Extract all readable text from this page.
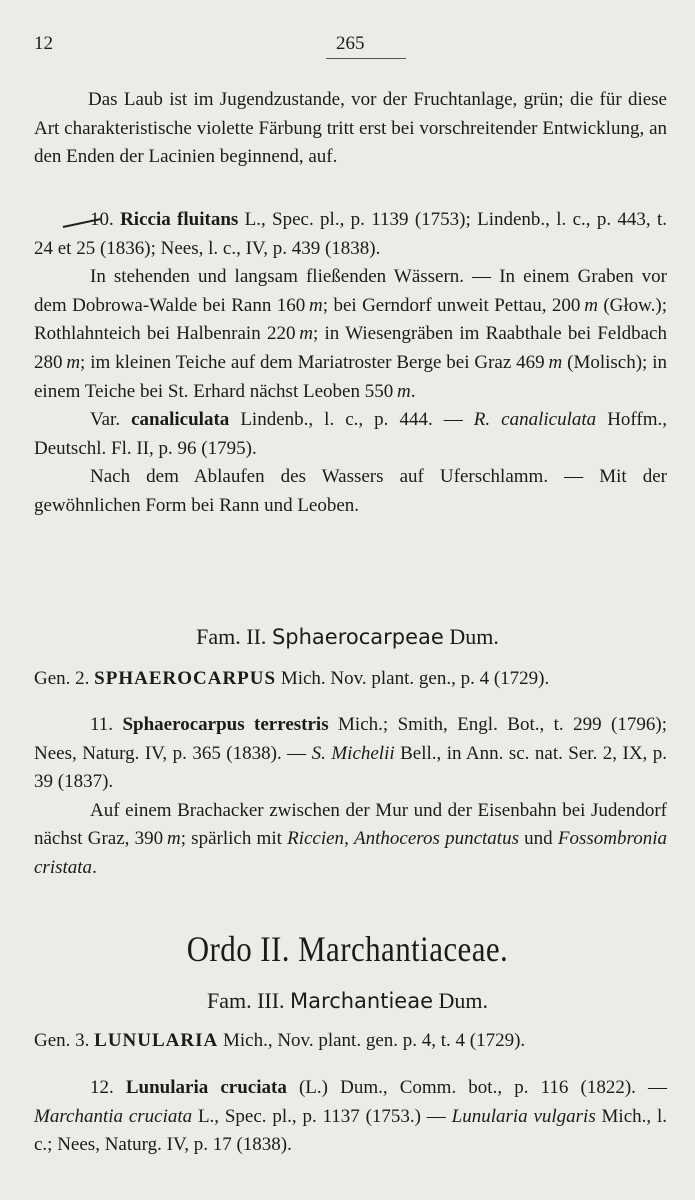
12	265

Das Laub ist im Jugendzustande, vor der Fruchtanlage, grün; die für diese Art charakteristische violette Färbung tritt erst bei vorschreitender Entwicklung, an den Enden der Lacinien beginnend, auf.

10. Riccia fluitans L., Spec. pl., p. 1139 (1753); Lindenb., l. c., p. 443, t. 24 et 25 (1836); Nees, l. c., IV, p. 439 (1838).

In stehenden und langsam fließenden Wässern. — In einem Graben vor dem Dobrowa-Walde bei Rann 160  m; bei Gerndorf unweit Pettau, 200  m (Głow.); Rothlahnteich bei Halbenrain 220  m; in Wiesengräben im Raabthale bei Feldbach 280  m; im kleinen Teiche auf dem Mariatroster Berge bei Graz 469  m (Molisch); in einem Teiche bei St. Erhard nächst Leoben 550  m.

Var. canaliculata Lindenb., l. c., p. 444. — R. canaliculata Hoffm., Deutschl. Fl. II, p. 96 (1795).

Nach dem Ablaufen des Wassers auf Uferschlamm. — Mit der gewöhnlichen Form bei Rann und Leoben.

Fam. II. Sphaerocarpeae Dum.
Gen. 2. SPHAEROCARPUS Mich. Nov. plant. gen., p. 4 (1729).

11. Sphaerocarpus terrestris Mich.; Smith, Engl. Bot., t. 299 (1796); Nees, Naturg. IV, p. 365 (1838). — S. Michelii Bell., in Ann. sc. nat. Ser. 2, IX, p. 39 (1837).

Auf einem Brachacker zwischen der Mur und der Eisenbahn bei Judendorf nächst Graz, 390  m; spärlich mit Riccien, Anthoceros punctatus und Fossombronia cristata.

Ordo II. Marchantiaceae.
Fam. III. Marchantieae Dum.
Gen. 3. LUNULARIA Mich., Nov. plant. gen. p. 4, t. 4 (1729).

12. Lunularia cruciata (L.) Dum., Comm. bot., p. 116 (1822). — Marchantia cruciata L., Spec. pl., p. 1137 (1753.) — Lunularia vulgaris Mich., l. c.; Nees, Naturg. IV, p. 17 (1838).
